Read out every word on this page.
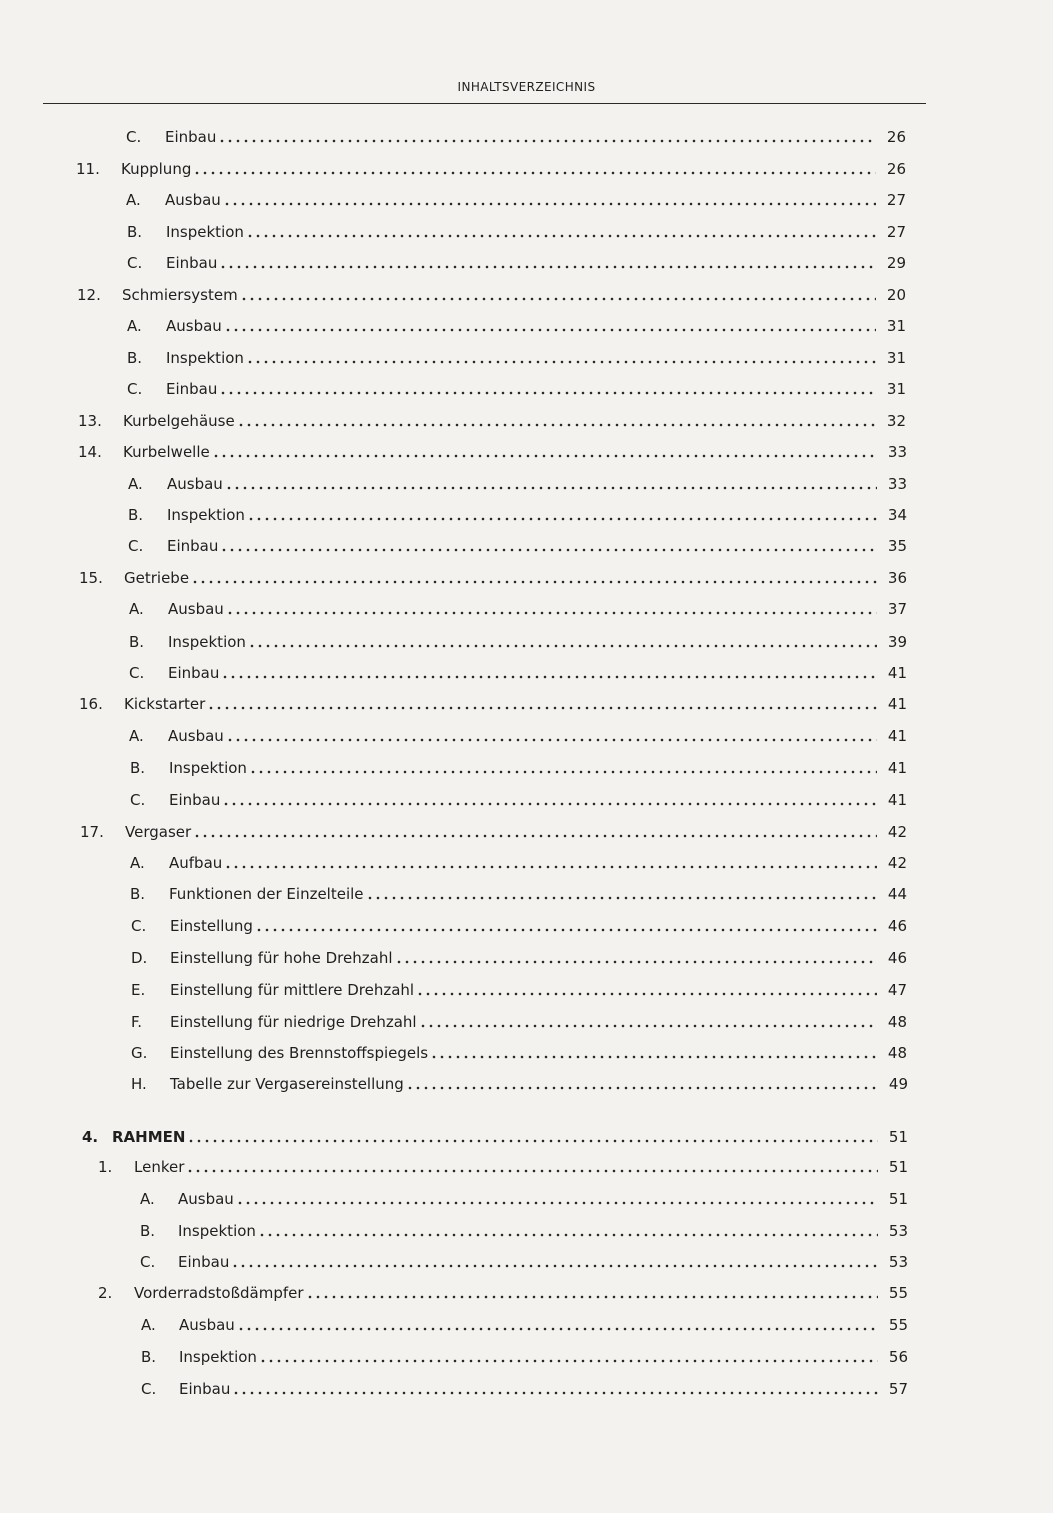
INHALTSVERZEICHNIS
C. Einbau	26
11. Kupplung	26
A. Ausbau	27
B. Inspektion	27
C. Einbau	29
12. Schmiersystem	20
A. Ausbau	31
B. Inspektion	31
C. Einbau	31
13. Kurbelgehäuse	32
14. Kurbelwelle	33
A. Ausbau	33
B. Inspektion	34
C. Einbau	35
15. Getriebe	36
A. Ausbau	37
B. Inspektion	39
C. Einbau	41
16. Kickstarter	41
A. Ausbau	41
B. Inspektion	41
C. Einbau	41
17. Vergaser	42
A. Aufbau	42
B. Funktionen der Einzelteile	44
C. Einstellung	46
D. Einstellung für hohe Drehzahl	46
E. Einstellung für mittlere Drehzahl	47
F. Einstellung für niedrige Drehzahl	48
G. Einstellung des Brennstoffspiegels	48
H. Tabelle zur Vergasereinstellung	49
4. RAHMEN	51
1. Lenker	51
A. Ausbau	51
B. Inspektion	53
C. Einbau	53
2. Vorderradstoßdämpfer	55
A. Ausbau	55
B. Inspektion	56
C. Einbau	57
